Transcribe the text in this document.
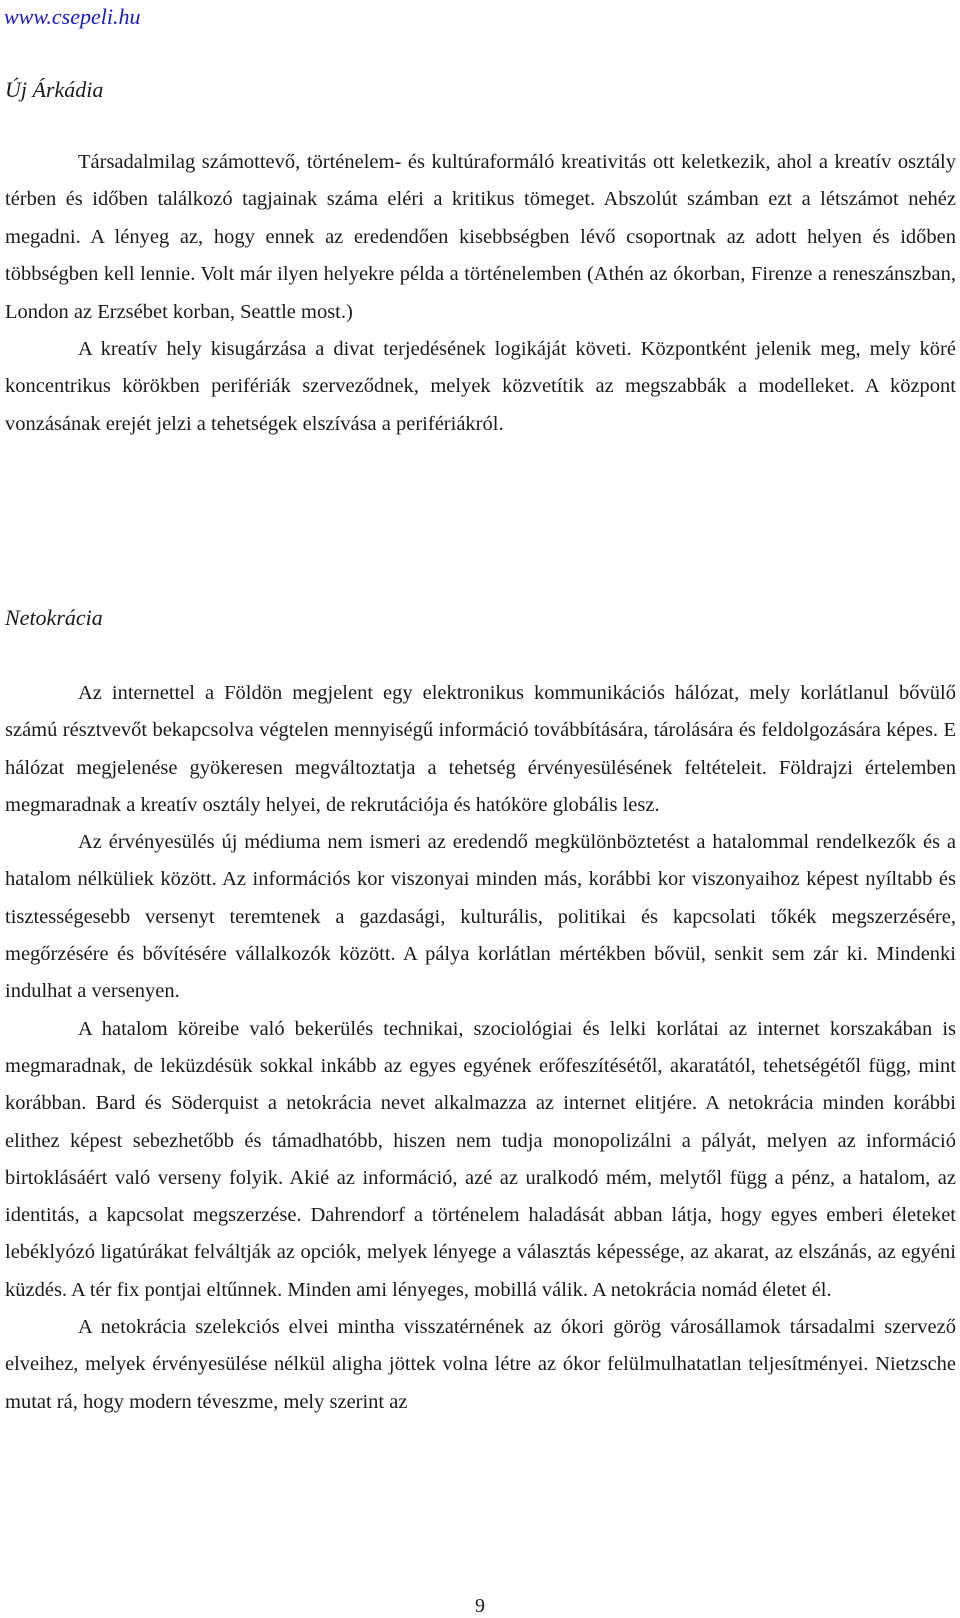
www.csepeli.hu
Új Árkádia

Társadalmilag számottevő, történelem- és kultúraformáló kreativitás ott keletkezik, ahol a kreatív osztály térben és időben találkozó tagjainak száma eléri a kritikus tömeget. Abszolút számban ezt a létszámot nehéz megadni. A lényeg az, hogy ennek az eredendően kisebbségben lévő csoportnak az adott helyen és időben többségben kell lennie. Volt már ilyen helyekre példa a történelemben (Athén az ókorban, Firenze a reneszánszban, London az Erzsébet korban, Seattle most.)

A kreatív hely kisugárzása a divat terjedésének logikáját követi. Központként jelenik meg, mely köré koncentrikus körökben perifériák szerveződnek, melyek közvetítik az megszabbák a modelleket. A központ vonzásának erejét jelzi a tehetségek elszívása a perifériákról.

Netokrácia

Az internettel a Földön megjelent egy elektronikus kommunikációs hálózat, mely korlátlanul bővülő számú résztvevőt bekapcsolva végtelen mennyiségű információ továbbítására, tárolására és feldolgozására képes. E hálózat megjelenése gyökeresen megváltoztatja a tehetség érvényesülésének feltételeit. Földrajzi értelemben megmaradnak a kreatív osztály helyei, de rekrutációja és hatóköre globális lesz.

Az érvényesülés új médiuma nem ismeri az eredendő megkülönböztetést a hatalommal rendelkezők és a hatalom nélküliek között. Az információs kor viszonyai minden más, korábbi kor viszonyaihoz képest nyíltabb és tisztességesebb versenyt teremtenek a gazdasági, kulturális, politikai és kapcsolati tőkék megszerzésére, megőrzésére és bővítésére vállalkozók között. A pálya korlátlan mértékben bővül, senkit sem zár ki. Mindenki indulhat a versenyen.

A hatalom köreibe való bekerülés technikai, szociológiai és lelki korlátai az internet korszakában is megmaradnak, de leküzdésük sokkal inkább az egyes egyének erőfeszítésétől, akaratától, tehetségétől függ, mint korábban. Bard és Söderquist a netokrácia nevet alkalmazza az internet elitjére. A netokrácia minden korábbi elithez képest sebezhetőbb és támadhatóbb, hiszen nem tudja monopolizálni a pályát, melyen az információ birtoklásáért való verseny folyik. Akié az információ, azé az uralkodó mém, melytől függ a pénz, a hatalom, az identitás, a kapcsolat megszerzése. Dahrendorf a történelem haladását abban látja, hogy egyes emberi életeket lebéklyózó ligatúrákat felváltják az opciók, melyek lényege a választás képessége, az akarat, az elszánás, az egyéni küzdés. A tér fix pontjai eltűnnek. Minden ami lényeges, mobillá válik. A netokrácia nomád életet él.

A netokrácia szelekciós elvei mintha visszatérnének az ókori görög városállamok társadalmi szervező elveihez, melyek érvényesülése nélkül aligha jöttek volna létre az ókor felülmulhatatlan teljesítményei. Nietzsche mutat rá, hogy modern téveszme, mely szerint az

9
